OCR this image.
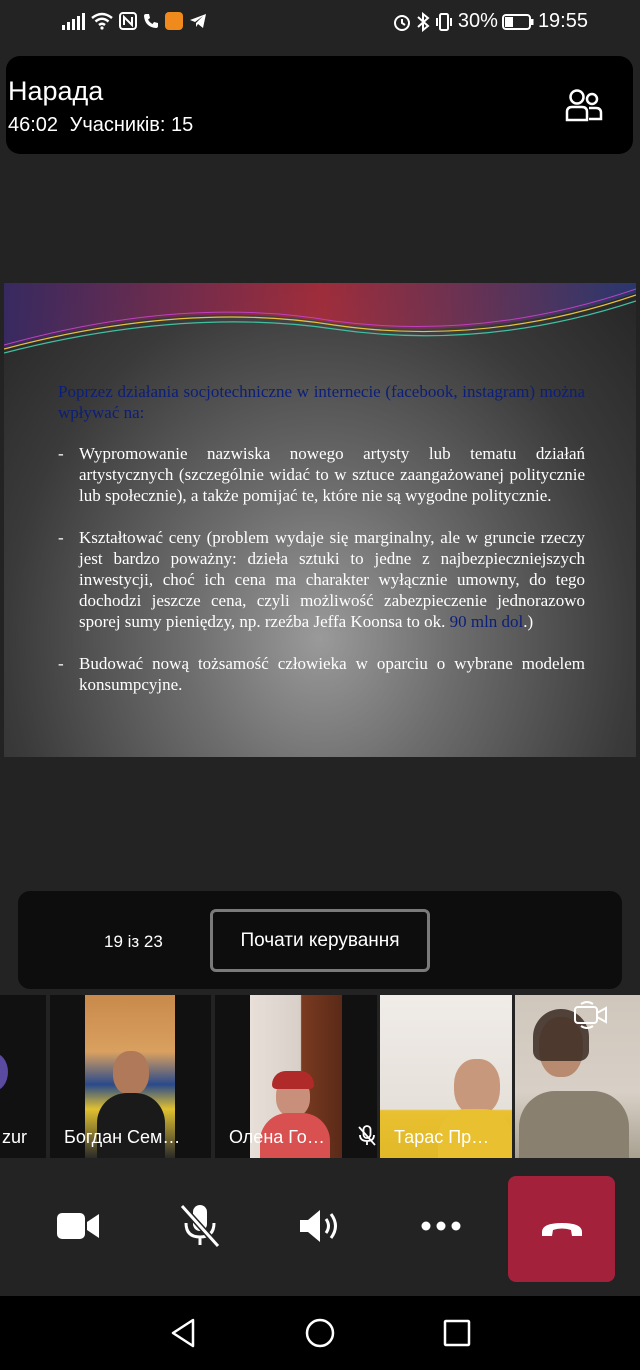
30% 19:55
Нарада
46:02 Учасників: 15

Poprzez działania socjotechniczne w internecie (facebook, instagram) można wpływać na:

- Wypromowanie nazwiska nowego artysty lub tematu działań artystycznych (szczególnie widać to w sztuce zaangażowanej politycznie lub społecznie), a także pomijać te, które nie są wygodne politycznie.
- Kształtować ceny (problem wydaje się marginalny, ale w gruncie rzeczy jest bardzo poważny: dzieła sztuki to jedne z najbezpieczniejszych inwestycji, choć ich cena ma charakter wyłącznie umowny, do tego dochodzi jeszcze cena, czyli możliwość zabezpieczenie jednorazowo sporej sumy pieniędzy, np. rzeźba Jeffa Koonsa to ok. 90 mln dol.)
- Budować nową tożsamość człowieka w oparciu o wybrane modelem konsumpcyjne.
19 із 23	Почати керування
zur Богдан Сем…	Олена Го…	Тарас Пр…
